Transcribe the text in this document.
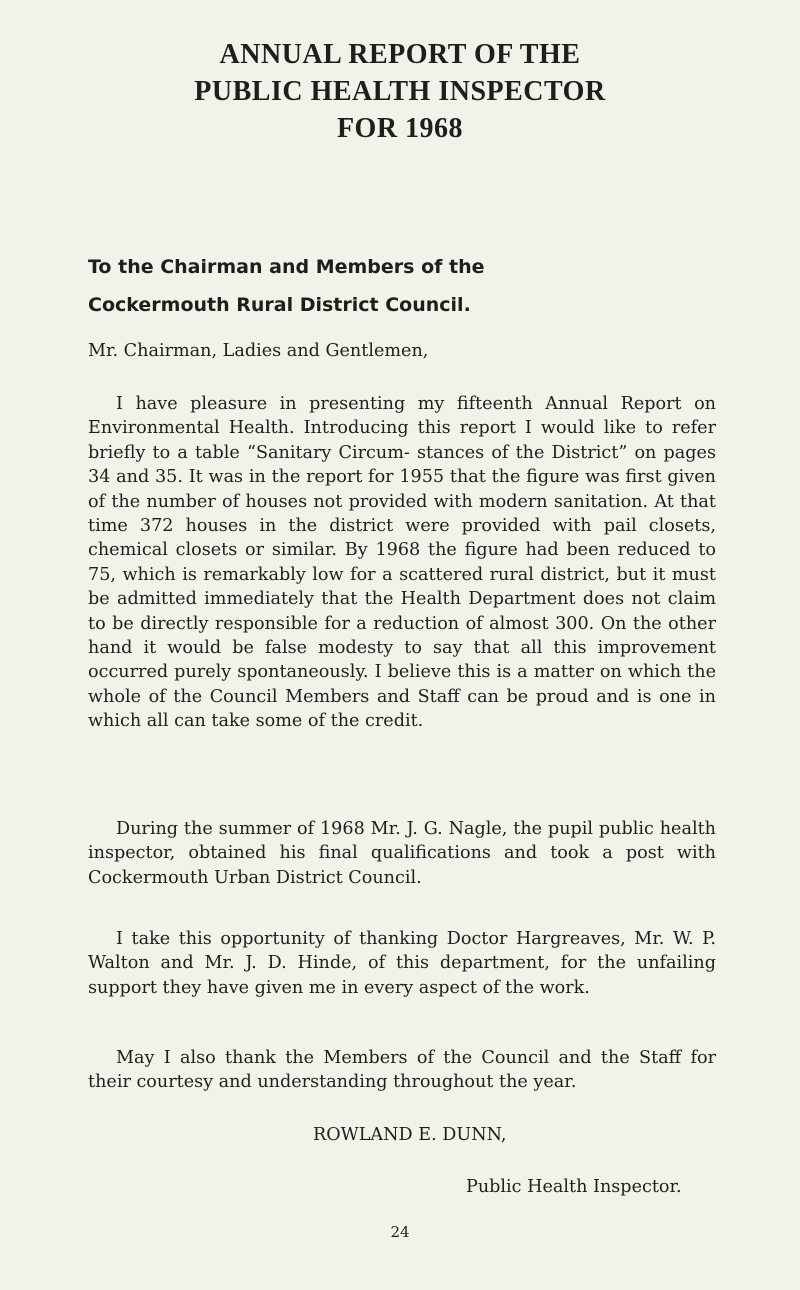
ANNUAL REPORT OF THE
PUBLIC HEALTH INSPECTOR
FOR 1968
To the Chairman and Members of the
Cockermouth Rural District Council.
Mr. Chairman, Ladies and Gentlemen,

I have pleasure in presenting my fifteenth Annual Report on Environmental Health. Introducing this report I would like to refer briefly to a table “Sanitary Circum- stances of the District” on pages 34 and 35. It was in the report for 1955 that the figure was first given of the number of houses not provided with modern sanitation. At that time 372 houses in the district were provided with pail closets, chemical closets or similar. By 1968 the figure had been reduced to 75, which is remarkably low for a scattered rural district, but it must be admitted immediately that the Health Department does not claim to be directly responsible for a reduction of almost 300. On the other hand it would be false modesty to say that all this improvement occurred purely spontaneously. I believe this is a matter on which the whole of the Council Members and Staff can be proud and is one in which all can take some of the credit.

During the summer of 1968 Mr. J. G. Nagle, the pupil public health inspector, obtained his final qualifications and took a post with Cockermouth Urban District Council.

I take this opportunity of thanking Doctor Hargreaves, Mr. W. P. Walton and Mr. J. D. Hinde, of this department, for the unfailing support they have given me in every aspect of the work.

May I also thank the Members of the Council and the Staff for their courtesy and understanding throughout the year.

ROWLAND E. DUNN,
Public Health Inspector.
24
